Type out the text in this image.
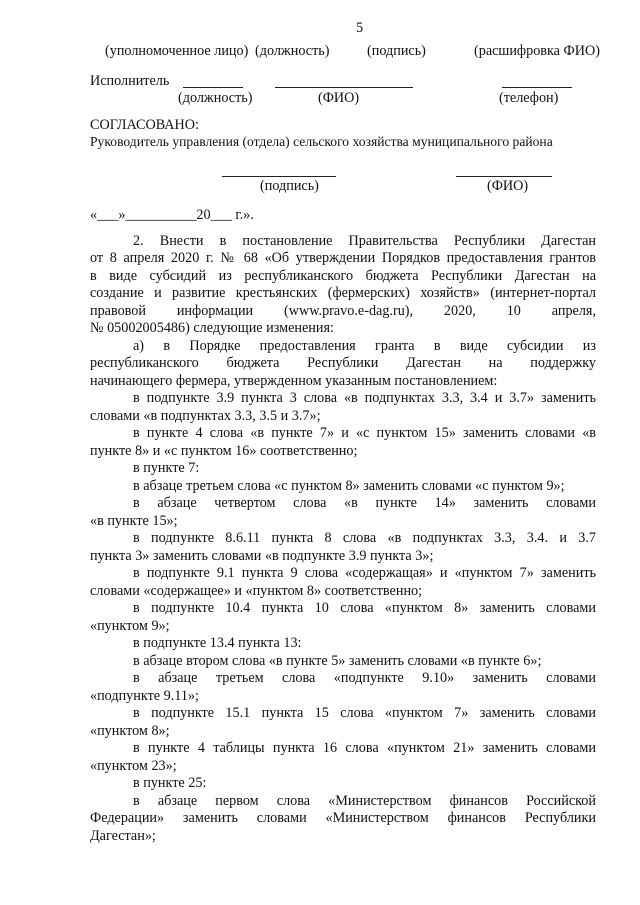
5
(уполномоченное лицо) (должность)	(подпись)	(расшифровка ФИО)
Исполнитель
(должность)	(ФИО)	(телефон)
СОГЛАСОВАНО:
Руководитель управления (отдела) сельского хозяйства муниципального района
(подпись)	(ФИО)
«___»__________20___ г.».
2. Внести в постановление Правительства Республики Дагестан
от 8 апреля 2020 г. № 68 «Об утверждении Порядков предоставления грантов
в виде субсидий из республиканского бюджета Республики Дагестан на
создание и развитие крестьянских (фермерских) хозяйств» (интернет-портал
правовой информации (www.pravo.e-dag.ru), 2020, 10 апреля,
№ 05002005486) следующие изменения:
а) в Порядке предоставления гранта в виде субсидии из
республиканского бюджета Республики Дагестан на поддержку
начинающего фермера, утвержденном указанным постановлением:
в подпункте 3.9 пункта 3 слова «в подпунктах 3.3, 3.4 и 3.7» заменить
словами «в подпунктах 3.3, 3.5 и 3.7»;
в пункте 4 слова «в пункте 7» и «с пунктом 15» заменить словами «в
пункте 8» и «с пунктом 16» соответственно;
в пункте 7:
в абзаце третьем слова «с пунктом 8» заменить словами «с пунктом 9»;
в абзаце четвертом слова «в пункте 14» заменить словами
«в пункте 15»;
в подпункте 8.6.11 пункта 8 слова «в подпунктах 3.3, 3.4. и 3.7
пункта 3» заменить словами «в подпункте 3.9 пункта 3»;
в подпункте 9.1 пункта 9 слова «содержащая» и «пунктом 7» заменить
словами «содержащее» и «пунктом 8» соответственно;
в подпункте 10.4 пункта 10 слова «пунктом 8» заменить словами
«пунктом 9»;
в подпункте 13.4 пункта 13:
в абзаце втором слова «в пункте 5» заменить словами «в пункте 6»;
в абзаце третьем слова «подпункте 9.10» заменить словами
«подпункте 9.11»;
в подпункте 15.1 пункта 15 слова «пунктом 7» заменить словами
«пунктом 8»;
в пункте 4 таблицы пункта 16 слова «пунктом 21» заменить словами
«пунктом 23»;
в пункте 25:
в абзаце первом слова «Министерством финансов Российской
Федерации» заменить словами «Министерством финансов Республики
Дагестан»;
